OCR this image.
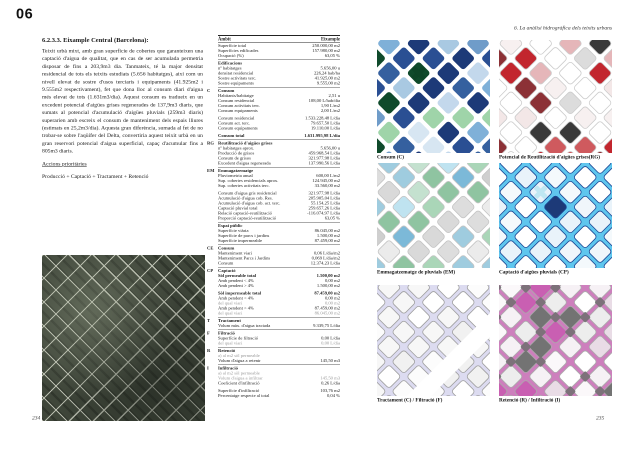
06
6.2.3.3. Eixample Central (Barcelona):
Teixit urbà mixt, amb gran superfície de cobertes que garanteixen una captació d'aigua de qualitat, que en cas de ser acumulada permetria disposar de fins a 203,9m3 dia. Tanmateix, té la major densitat residencial de tots els teixits estudiats (5.656 habitatges), així com un nivell elevat de sostre d'usos terciaris i equipaments (41.925m2 i 9.555m2 respectivament), fet que dona lloc al consum diari d'aigua més elevat de tots (1.631m3/dia). Aquest consum es tradueix en un excedent potencial d'aigües grises regenerades de 137,9m3 diaris, que sumats al potencial d'acumulació d'aigües pluvials (259m3 diaris) superarien amb escreix el consum de manteniment dels espais lliures (estimats en 25,2m3/dia). Aquesta gran diferència, sumada al fet de no trobar-se sobre l'aqüífer del Delta, convertiria aquest teixit urbà en un gran reservori potencial d'aigua superficial, capaç d'acumular fins a 805m3 diaris.
Accions prioritàries
Producció + Captació + Tractament + Retenció
234
Àmbit	Eixample
Superfície total	250.000,00 m2
Superfícies edificades	157.980,00 m2
Ocupació (%)	63,05 %
Edificacions
nº habitatges	5.656,00 u
densitat residencial	226,24 hab/ha
Sostre activitats terc.	41.925,00 m2
Sostre equipaments	9.555,00 m2
C Consum
Habitants/habitatge	2,51 u
Consum residencial	108,00 L/hab/dia
Consum activitats terc.	1,90 L/m2
Consum equipaments	2,00 L/m2
Consum residencial	1.533.228,48 L/dia
Consum act. terc.	79.657,50 L/dia
Consum equipaments	19.110,00 L/dia
Consum total	1.631.995,98 L/dia
RG Reutilització d'aigües grises
nº habitatges aprox.	5.656,00 u
Producció de grisos	459.968,54 L/dia
Consum de grisos	321.977,98 L/dia
Excedent d'aigua regenerada	137.990,56 L/dia
EM Emmagatzematge
Pluviometria anual	600,00 L/m2
Sup. cobertes residencials aprox.	124.945,00 m2
Sup. cobertes activitats terc.	33.560,00 m2
Consum d'aigua gris residencial	321.977,98 L/dia
Acumulació d'aigua cob. Res.	205.905,04 L/dia
Acumulació d'aigua cob. act. terc.	55.154,25 L/dia
Captació pluvial total	259.657,26 L/dia
Relació captació-reutilització	-116.074,97 L/dia
Proporció captació-reutilització	63,05 %
Espai públic
Superfície viària	86.045,00 m2
Superfície de parcs i jardins	1.500,00 m2
Superfície impermeable	87.459,00 m2
CE Consum
Manteniment viari	0,06 L/dia/m2
Manteniment Parcs i Jardins	0,069 L/dia/m2
Consum	12.374,23 L/dia
CP Captació
Sòl permeable total	1.500,00 m2
Amb pendent < 4%	0,00 m2
Amb pendent > 4%	1.500,00 m2
Sòl impermeable total	87.459,00 m2
Amb pendent < 4%	0,00 m2
del qual viari	0,00 m2
Amb pendent > 4%	87.459,00 m2
del qual viari	86.045,00 m2
T Tractament
Volum màx. d'aigua tractada	9.339,75 L/dia
F Filtració
Superfície de filtració	0,00 L/dia
del qual viari	0,00 L/dia
R Retenció
a) al m2 sòl permeable
Volum d'aigua a retenir	145,50 m3
I Infiltració
a) al m2 sòl permeable
Volum d'aigua a infiltrar	145,50 m3
Coeficient d'infiltració	0,26 L/dia
Superfície d'infiltració	103,76 m2
Percentatge respecte al total	0,04 %
6. La anàlisi hidrogràfica dels teixits urbans
Consum (C)	Potencial de Reutilització d'aigües grises(RG)
Emmagatzematge de pluvials (EM)	Captació d'aigües pluvials (CP)
Tractament (C) / Filtració (F)	Retenció (R) / Infiltració (I)
235
